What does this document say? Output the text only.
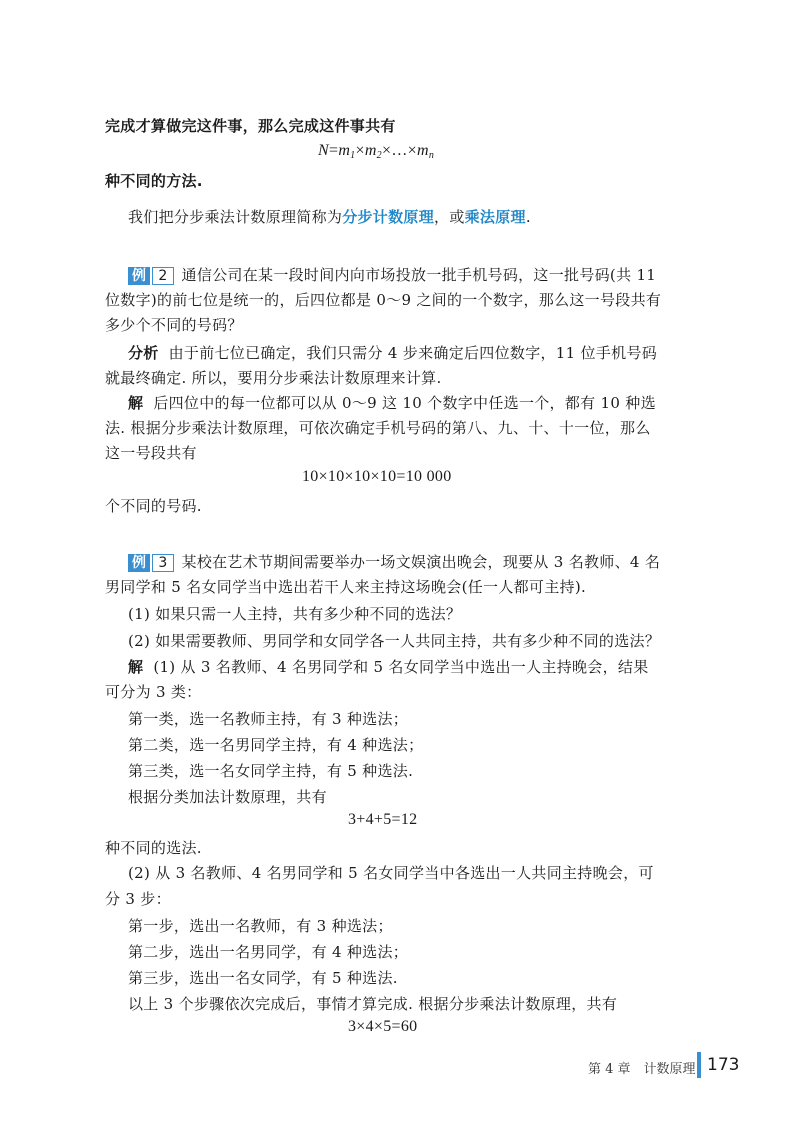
完成才算做完这件事，那么完成这件事共有
$N=m_1\times m_2\times\dots\times m_n$
种不同的方法.
我们把分步乘法计数原理简称为分步计数原理，或乘法原理.
例 2 通信公司在某一段时间内向市场投放一批手机号码，这一批号码(共 11
位数字)的前七位是统一的，后四位都是 0～9 之间的一个数字，那么这一号段共有
多少个不同的号码？
分析 由于前七位已确定，我们只需分 4 步来确定后四位数字，11 位手机号码
就最终确定. 所以，要用分步乘法计数原理来计算.
解 后四位中的每一位都可以从 0～9 这 10 个数字中任选一个，都有 10 种选
法. 根据分步乘法计数原理，可依次确定手机号码的第八、九、十、十一位，那么
这一号段共有
10×10×10×10=10 000
个不同的号码.
例 3 某校在艺术节期间需要举办一场文娱演出晚会，现要从 3 名教师、4 名
男同学和 5 名女同学当中选出若干人来主持这场晚会(任一人都可主持).
(1) 如果只需一人主持，共有多少种不同的选法？
(2) 如果需要教师、男同学和女同学各一人共同主持，共有多少种不同的选法？
解 (1) 从 3 名教师、4 名男同学和 5 名女同学当中选出一人主持晚会，结果
可分为 3 类：
第一类，选一名教师主持，有 3 种选法；
第二类，选一名男同学主持，有 4 种选法；
第三类，选一名女同学主持，有 5 种选法.
根据分类加法计数原理，共有
3+4+5=12
种不同的选法.
(2) 从 3 名教师、4 名男同学和 5 名女同学当中各选出一人共同主持晚会，可
分 3 步：
第一步，选出一名教师，有 3 种选法；
第二步，选出一名男同学，有 4 种选法；
第三步，选出一名女同学，有 5 种选法.
以上 3 个步骤依次完成后，事情才算完成. 根据分步乘法计数原理，共有
3×4×5=60
第 4 章　计数原理 173
